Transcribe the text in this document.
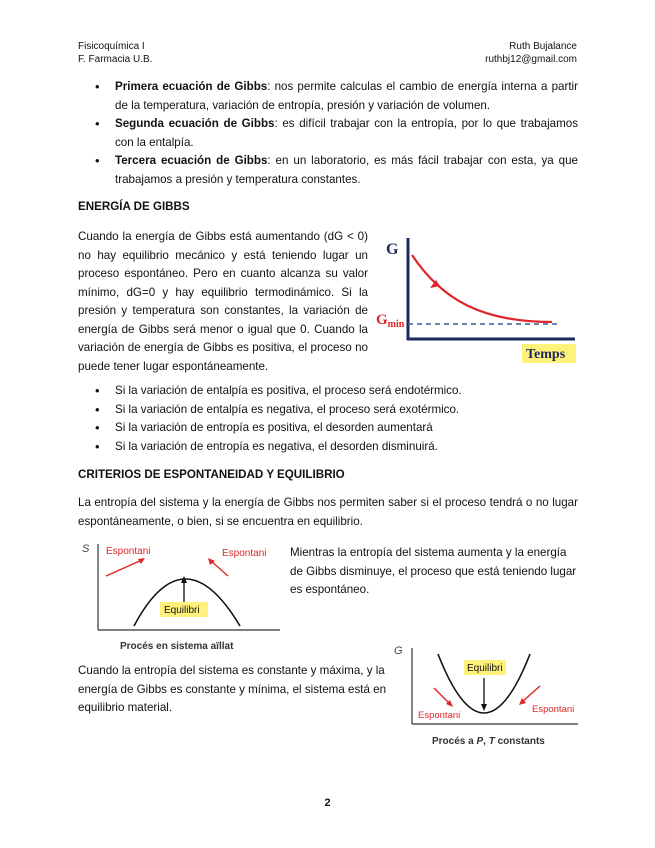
Fisicoquímica I
F. Farmacia U.B.
Ruth Bujalance
ruthbj12@gmail.com
• Primera ecuación de Gibbs: nos permite calculas el cambio de energía interna a partir de la temperatura, variación de entropía, presión y variación de volumen.
• Segunda ecuación de Gibbs: es difícil trabajar con la entropía, por lo que trabajamos con la entalpía.
• Tercera ecuación de Gibbs: en un laboratorio, es más fácil trabajar con esta, ya que trabajamos a presión y temperatura constantes.
ENERGÍA DE GIBBS
Cuando la energía de Gibbs está aumentando (dG < 0) no hay equilibrio mecánico y está teniendo lugar un proceso espontáneo. Pero en cuanto alcanza su valor mínimo, dG=0 y hay equilibrio termodinámico. Si la presión y temperatura son constantes, la variación de energía de Gibbs será menor o igual que 0. Cuando la variación de energía de Gibbs es positiva, el proceso no puede tener lugar espontáneamente.
G
$G_{min}$
Temps
• Si la variación de entalpía es positiva, el proceso será endotérmico.
• Si la variación de entalpía es negativa, el proceso será exotérmico.
• Si la variación de entropía es positiva, el desorden aumentará
• Si la variación de entropía es negativa, el desorden disminuirá.
CRITERIOS DE ESPONTANEIDAD Y EQUILIBRIO
La entropía del sistema y la energía de Gibbs nos permiten saber si el proceso tendrá o no lugar espontáneamente, o bien, si se encuentra en equilibrio.
S Espontani	Espontani
Equilibri
Procés en sistema aïllat
Mientras la entropía del sistema aumenta y la energía de Gibbs disminuye, el proceso que está teniendo lugar es espontáneo.
Cuando la entropía del sistema es constante y máxima, y la energía de Gibbs es constante y mínima, el sistema está en equilibrio material.
G
Equilibri
Espontani
Espontani
Procés a P, T constants
2
